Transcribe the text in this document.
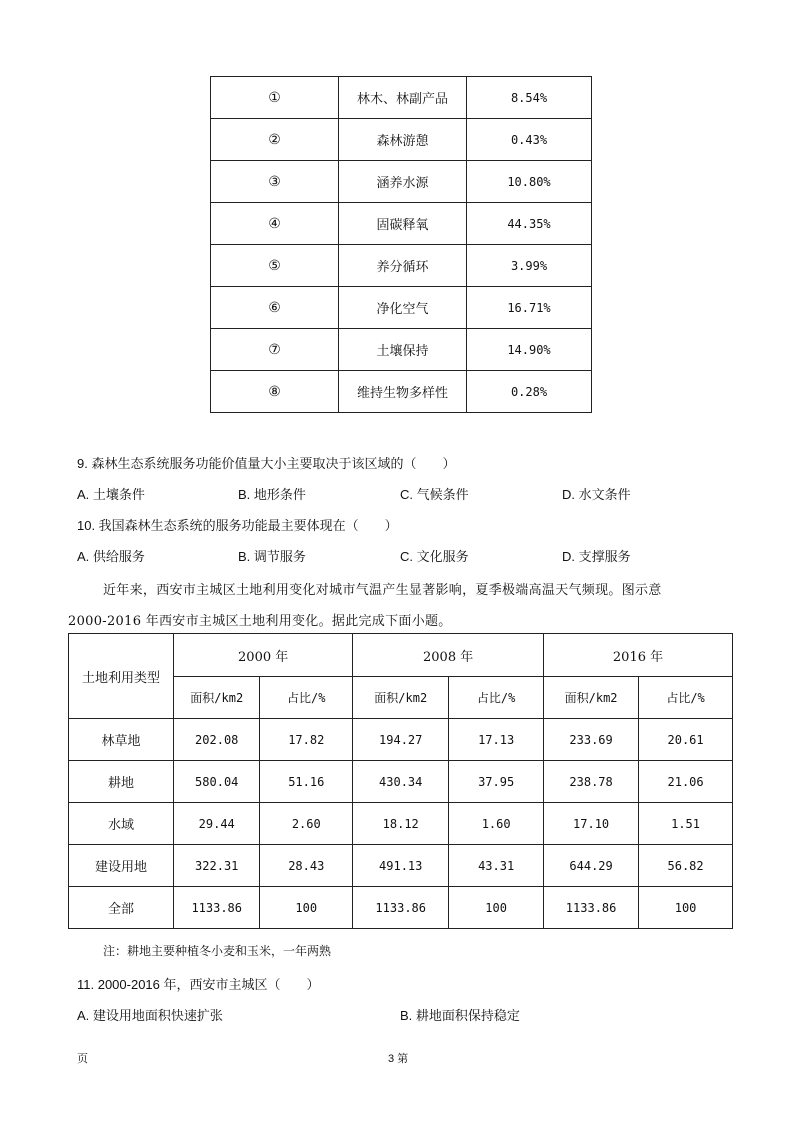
①	林木、林副产品	8.54%
②	森林游憩	0.43%
③	涵养水源	10.80%
④	固碳释氧	44.35%
⑤	养分循环	3.99%
⑥	净化空气	16.71%
⑦	土壤保持	14.90%
⑧	维持生物多样性	0.28%
9. 森林生态系统服务功能价值量大小主要取决于该区域的（　　）
A. 土壤条件	B. 地形条件	C. 气候条件	D. 水文条件
10. 我国森林生态系统的服务功能最主要体现在（　　）
A. 供给服务	B. 调节服务	C. 文化服务	D. 支撑服务
近年来，西安市主城区土地利用变化对城市气温产生显著影响，夏季极端高温天气频现。图示意
2000-2016 年西安市主城区土地利用变化。据此完成下面小题。
土地利用类型	2000 年		2008 年		2016 年	
	面积/km2	占比/%	面积/km2	占比/%	面积/km2	占比/%
林草地	202.08	17.82	194.27	17.13	233.69	20.61
耕地	580.04	51.16	430.34	37.95	238.78	21.06
水域	29.44	2.60	18.12	1.60	17.10	1.51
建设用地	322.31	28.43	491.13	43.31	644.29	56.82
全部	1133.86	100	1133.86	100	1133.86	100
注：耕地主要种植冬小麦和玉米，一年两熟
11. 2000-2016 年，西安市主城区（　　）
A. 建设用地面积快速扩张	B. 耕地面积保持稳定
页	3 第
